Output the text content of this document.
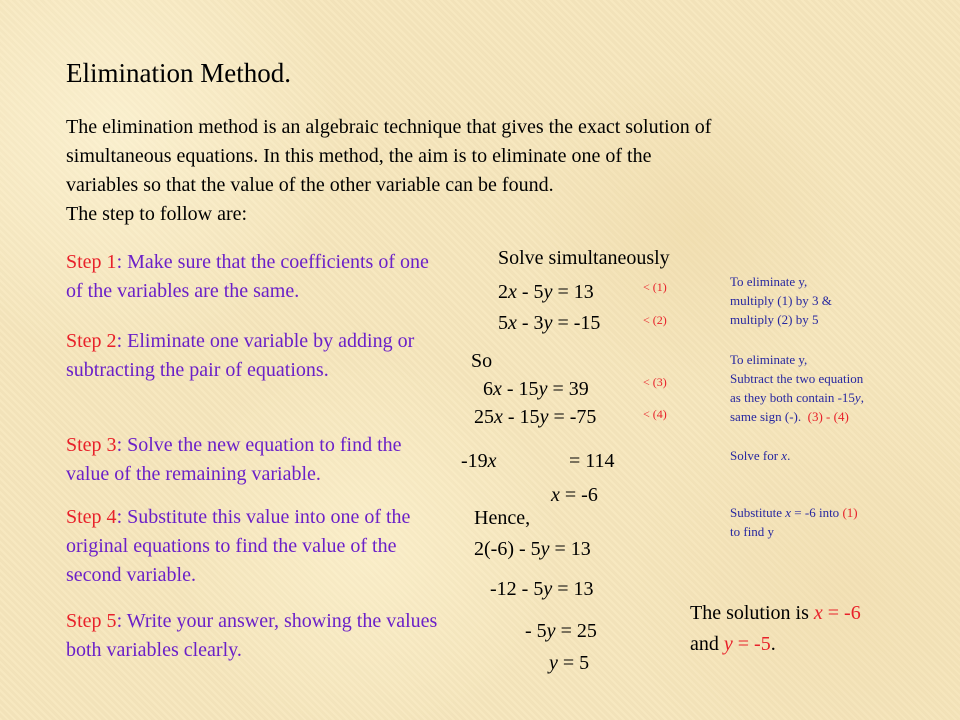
Elimination Method.
The elimination method is an algebraic technique that gives the exact solution of
simultaneous equations. In this method, the aim is to eliminate one of the
variables so that the value of the other variable can be found.
The step to follow are:
Step 1: Make sure that the coefficients of one of the variables are the same.
Step 2: Eliminate one variable by adding or subtracting the pair of equations.
Step 3: Solve the new equation to find the value of the remaining variable.
Step 4: Substitute this value into one of the original equations to find the value of the second variable.
Step 5: Write your answer, showing the values both variables clearly.
Solve simultaneously
2x - 5y = 13
5x - 3y = -15
So
6x - 15y = 39
25x - 15y = -75
-19x	= 114
x = -6
Hence,
2(-6) - 5y = 13
-12 - 5y = 13
- 5y = 25
y = 5
< (1)
< (2)
< (3)
< (4)
To eliminate y,
multiply (1) by 3 &
multiply (2) by 5
To eliminate y,
Subtract the two equation
as they both contain -15y,
same sign (-). (3) - (4)
Solve for x.
Substitute x = -6 into (1)
to find y
The solution is x = -6
and y = -5.
